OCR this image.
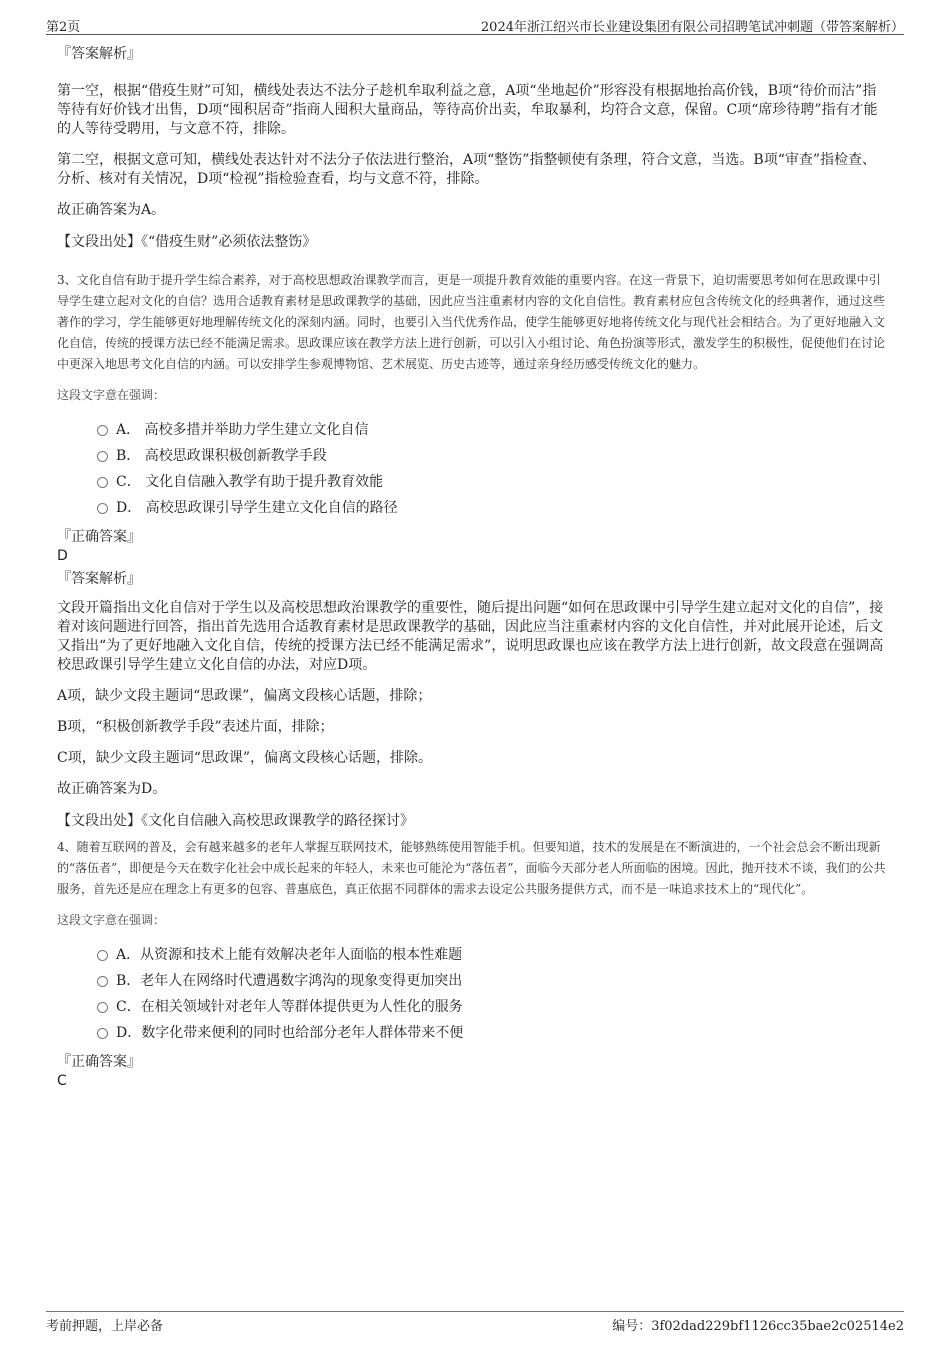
第2页	2024年浙江绍兴市长业建设集团有限公司招聘笔试冲刺题（带答案解析）
『答案解析』

第一空，根据“借疫生财”可知，横线处表达不法分子趁机牟取利益之意，A项“坐地起价”形容没有根据地抬高价钱，B项“待价而沽”指等待有好价钱才出售，D项“囤积居奇”指商人囤积大量商品，等待高价出卖，牟取暴利，均符合文意，保留。C项“席珍待聘”指有才能的人等待受聘用，与文意不符，排除。

第二空，根据文意可知，横线处表达针对不法分子依法进行整治，A项“整饬”指整顿使有条理，符合文意，当选。B项“审查”指检查、分析、核对有关情况，D项“检视”指检验查看，均与文意不符，排除。

故正确答案为A。

【文段出处】《“借疫生财”必须依法整饬》
3、文化自信有助于提升学生综合素养，对于高校思想政治课教学而言，更是一项提升教育效能的重要内容。在这一背景下，迫切需要思考如何在思政课中引导学生建立起对文化的自信？选用合适教育素材是思政课教学的基础，因此应当注重素材内容的文化自信性。教育素材应包含传统文化的经典著作，通过这些著作的学习，学生能够更好地理解传统文化的深刻内涵。同时，也要引入当代优秀作品，使学生能够更好地将传统文化与现代社会相结合。为了更好地融入文化自信，传统的授课方法已经不能满足需求。思政课应该在教学方法上进行创新，可以引入小组讨论、角色扮演等形式，激发学生的积极性，促使他们在讨论中更深入地思考文化自信的内涵。可以安排学生参观博物馆、艺术展览、历史古迹等，通过亲身经历感受传统文化的魅力。
这段文字意在强调：
A． 高校多措并举助力学生建立文化自信
B． 高校思政课积极创新教学手段
C． 文化自信融入教学有助于提升教育效能
D． 高校思政课引导学生建立文化自信的路径
『正确答案』
D
『答案解析』

文段开篇指出文化自信对于学生以及高校思想政治课教学的重要性，随后提出问题“如何在思政课中引导学生建立起对文化的自信”，接着对该问题进行回答，指出首先选用合适教育素材是思政课教学的基础，因此应当注重素材内容的文化自信性，并对此展开论述，后文又指出“为了更好地融入文化自信，传统的授课方法已经不能满足需求”，说明思政课也应该在教学方法上进行创新，故文段意在强调高校思政课引导学生建立文化自信的办法，对应D项。

A项，缺少文段主题词“思政课”，偏离文段核心话题，排除；

B项，“积极创新教学手段”表述片面，排除；

C项，缺少文段主题词“思政课”，偏离文段核心话题，排除。

故正确答案为D。

【文段出处】《文化自信融入高校思政课教学的路径探讨》
4、随着互联网的普及，会有越来越多的老年人掌握互联网技术，能够熟练使用智能手机。但要知道，技术的发展是在不断演进的，一个社会总会不断出现新的“落伍者”，即便是今天在数字化社会中成长起来的年轻人，未来也可能沦为“落伍者”，面临今天部分老人所面临的困境。因此，抛开技术不谈，我们的公共服务，首先还是应在理念上有更多的包容、普惠底色，真正依据不同群体的需求去设定公共服务提供方式，而不是一味追求技术上的“现代化”。
这段文字意在强调：
A．从资源和技术上能有效解决老年人面临的根本性难题
B．老年人在网络时代遭遇数字鸿沟的现象变得更加突出
C．在相关领域针对老年人等群体提供更为人性化的服务
D．数字化带来便利的同时也给部分老年人群体带来不便
『正确答案』
C
考前押题，上岸必备	编号：3f02dad229bf1126cc35bae2c02514e2
